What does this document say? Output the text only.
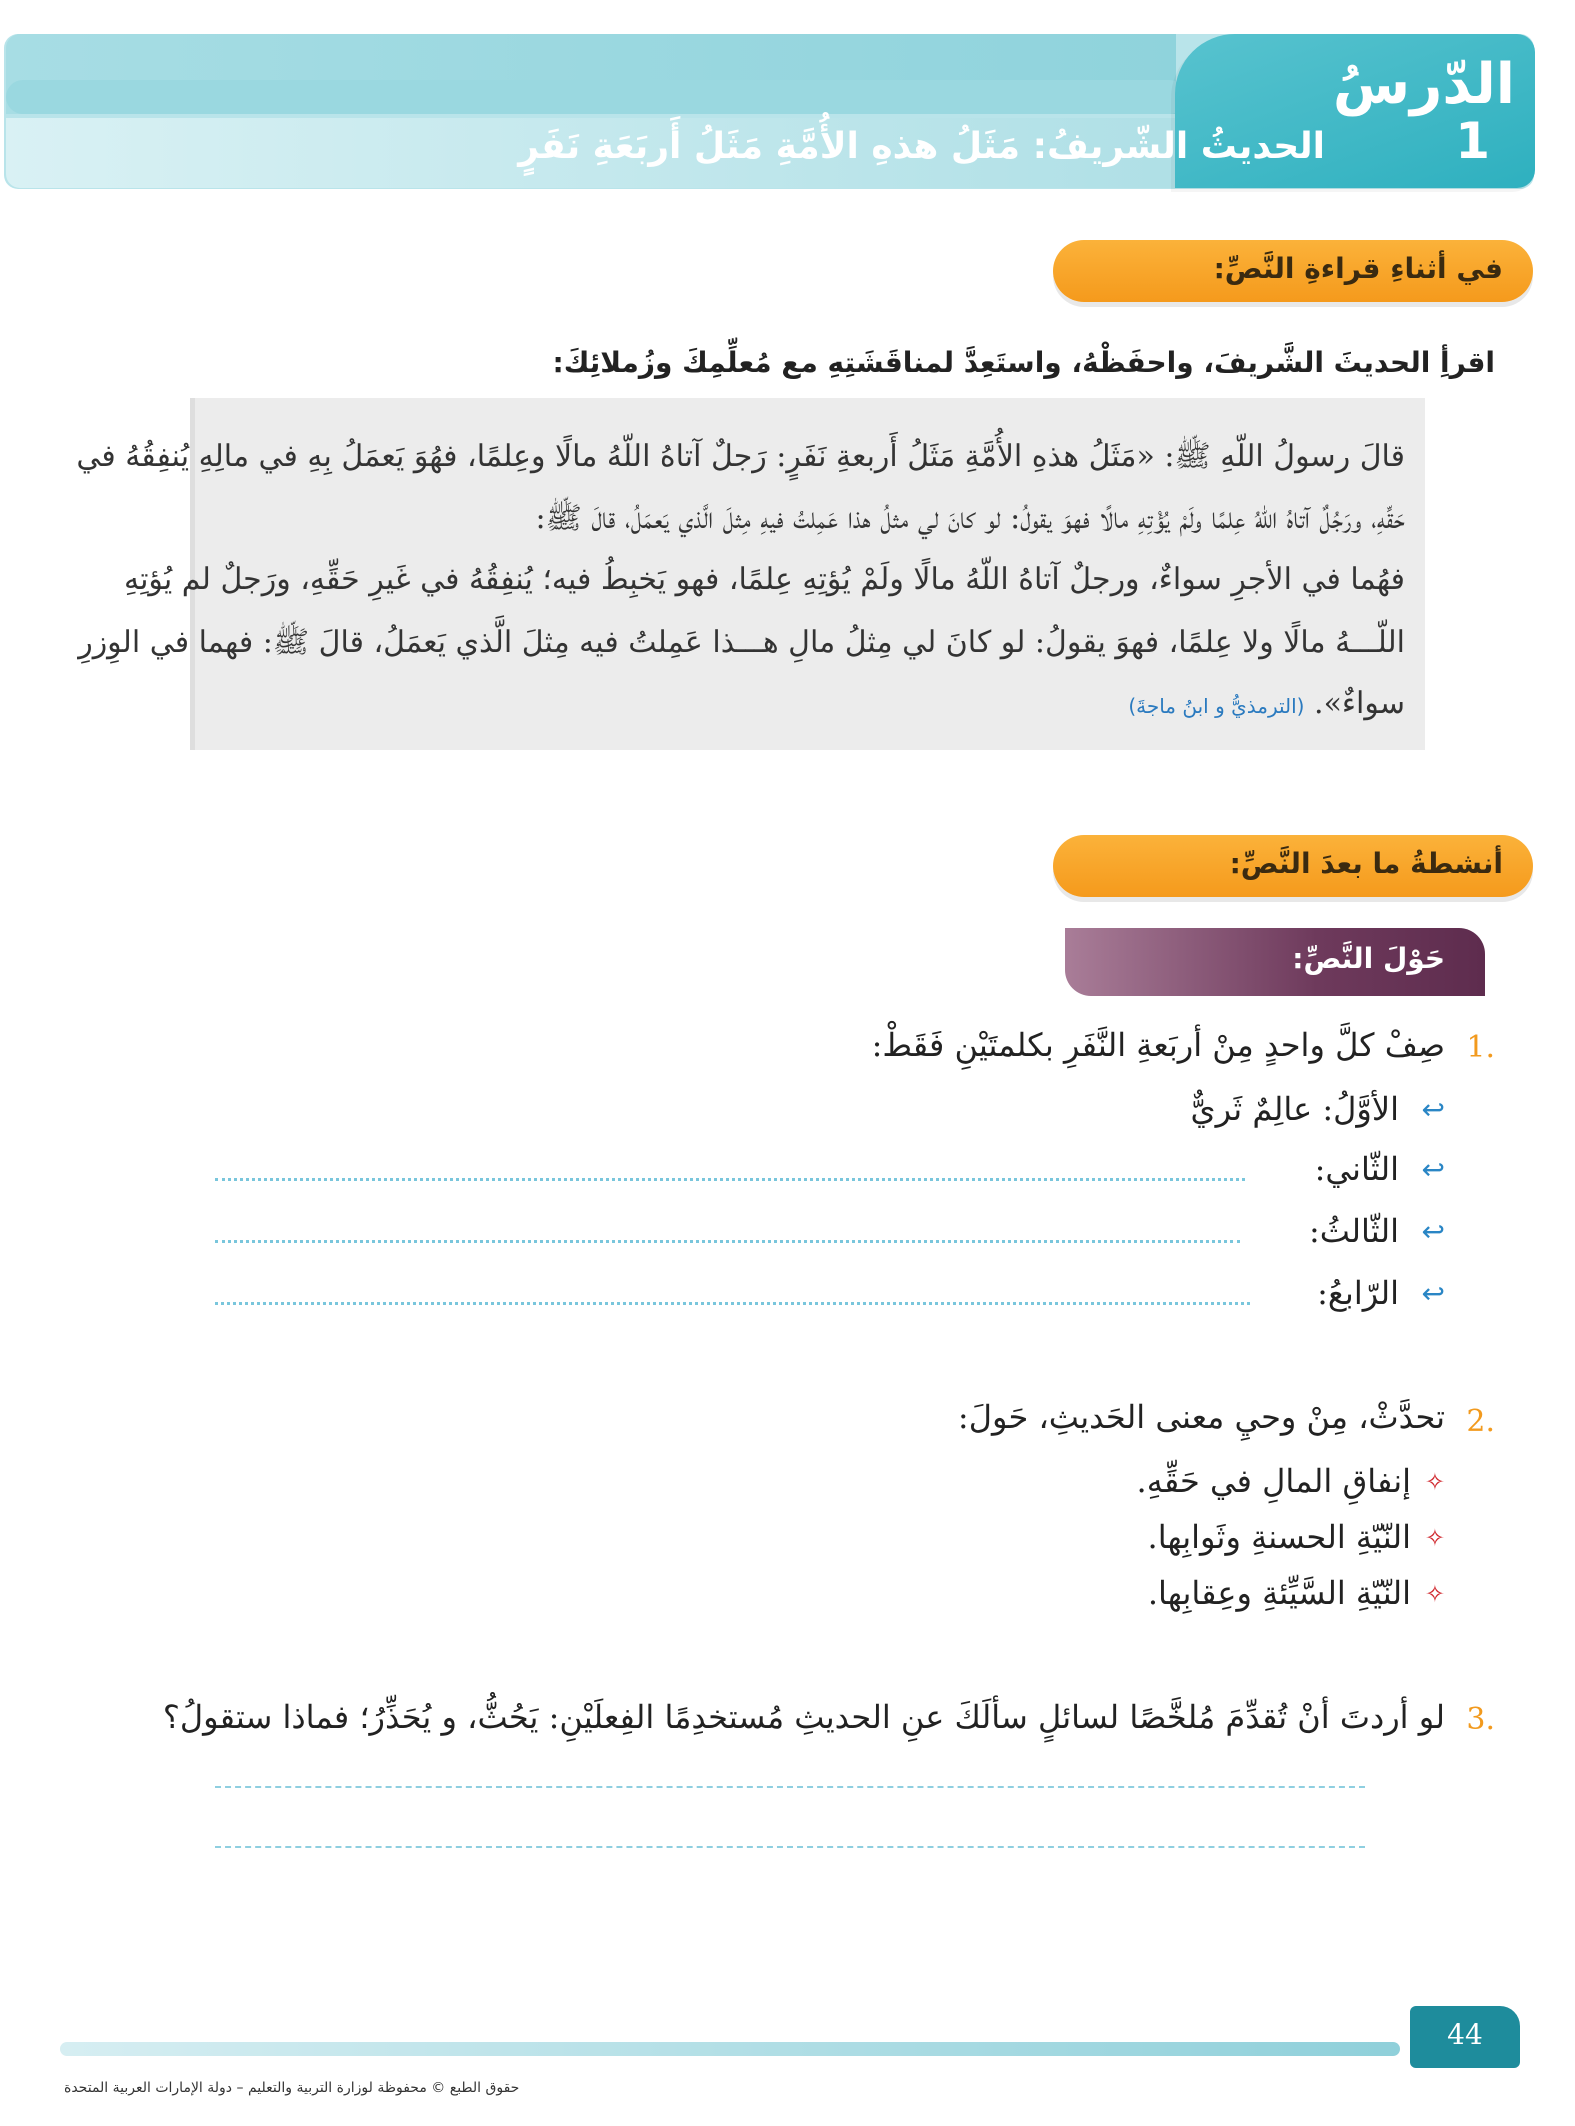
الدّرسُ
1
الحديثُ الشّريفُ: مَثَلُ هذهِ الأُمَّةِ مَثَلُ أَربَعَةِ نَفَرٍ
في أثناءِ قراءةِ النَّصِّ:
اقرأِ الحديثَ الشَّريفَ، واحفَظْهُ، واستَعِدَّ لمناقَشَتِهِ مع مُعلِّمِكَ وزُملائِكَ:
قالَ رسولُ اللّهِ ﷺ: «مَثَلُ هذهِ الأُمَّةِ مَثَلُ أَربعةِ نَفَرٍ: رَجلٌ آتاهُ اللّهُ مالًا وعِلمًا، فهُوَ يَعمَلُ بِهِ في مالِهِ يُنفِقُهُ في
حَقِّهِ، ورَجُلٌ آتاهُ اللّهُ عِلمًا ولَمْ يُؤْتِهِ مالًا فهوَ يقولُ: لو كانَ لي مثلُ هذا عَمِلتُ فيهِ مِثلَ الَّذي يَعمَلُ، قالَ ﷺ:
فهُما في الأجرِ سواءٌ، ورجلٌ آتاهُ اللّهُ مالًا ولَمْ يُؤتِهِ عِلمًا، فهو يَخبِطُ فيه؛ يُنفِقُهُ في غَيرِ حَقِّهِ، ورَجلٌ لم يُؤتِهِ
اللّـــهُ مالًا ولا عِلمًا، فهوَ يقولُ: لو كانَ لي مِثلُ مالِ هـــذا عَمِلتُ فيه مِثلَ الَّذي يَعمَلُ، قالَ ﷺ: فهما في الوِزرِ
سواءٌ». (الترمذيُّ و ابنُ ماجةَ)
أنشطةُ ما بعدَ النَّصِّ:
حَوْلَ النَّصِّ:
.1
صِفْ كلَّ واحدٍ مِنْ أربَعةِ النَّفَرِ بكلمتَيْنِ فَقَطْ:
↩
الأوَّلُ: عالِمٌ ثَريٌّ
↩
الثّاني:
↩
الثّالثُ:
↩
الرّابعُ:
.2
تحدَّثْ، مِنْ وحيِ معنى الحَديثِ، حَولَ:
✧
إنفاقِ المالِ في حَقِّهِ.
✧
النّيّةِ الحسنةِ وثَوابِها.
✧
النّيّةِ السَّيِّئةِ وعِقابِها.
.3
لو أردتَ أنْ تُقدِّمَ مُلخَّصًا لسائلٍ سألَكَ عنِ الحديثِ مُستخدِمًا الفِعلَيْنِ: يَحُثُّ، و يُحَذِّرُ؛ فماذا ستقولُ؟
44
حقوق الطبع © محفوظة لوزارة التربية والتعليم – دولة الإمارات العربية المتحدة
